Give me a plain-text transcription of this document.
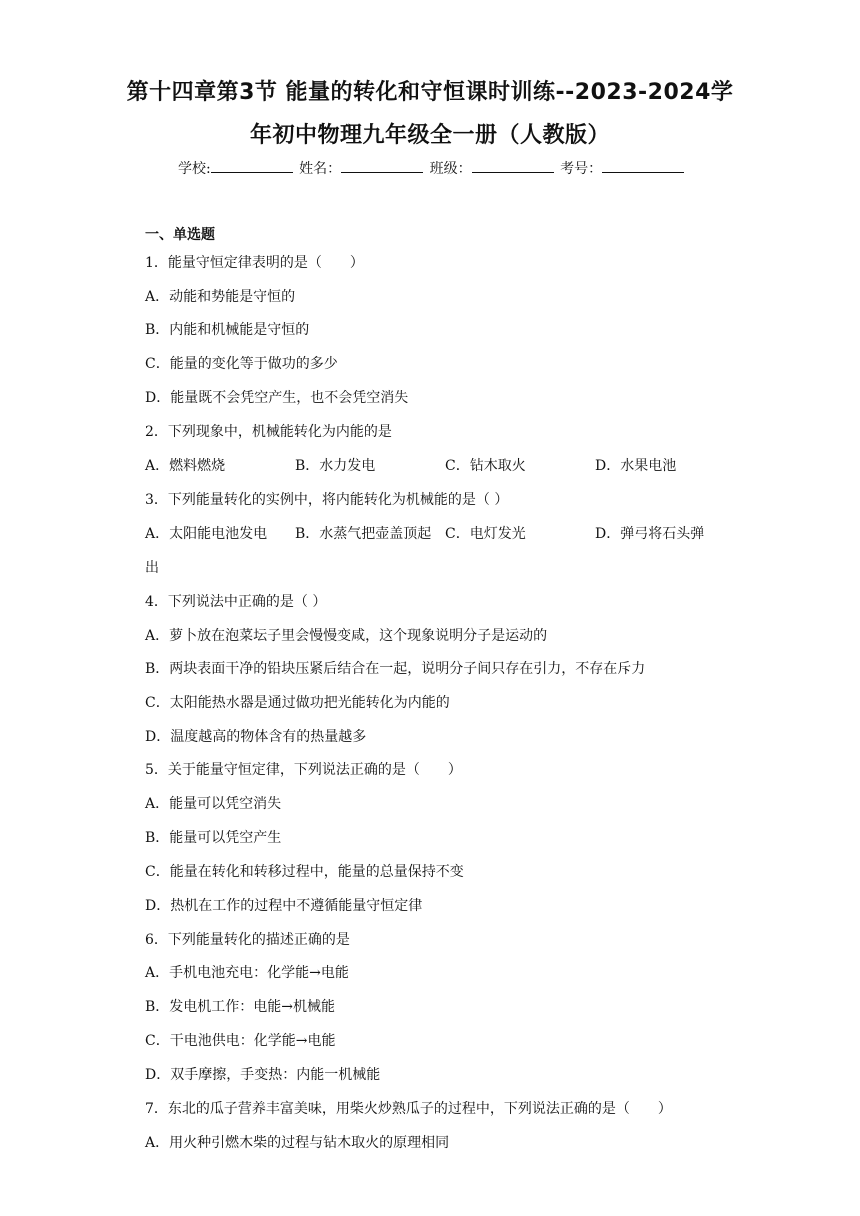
第十四章第3节 能量的转化和守恒课时训练--2023-2024学
年初中物理九年级全一册（人教版）
学校:	姓名：	班级：	考号：
一、单选题
1．能量守恒定律表明的是（　　）
A．动能和势能是守恒的
B．内能和机械能是守恒的
C．能量的变化等于做功的多少
D．能量既不会凭空产生，也不会凭空消失
2．下列现象中，机械能转化为内能的是
A．燃料燃烧	B．水力发电	C．钻木取火	D．水果电池
3．下列能量转化的实例中，将内能转化为机械能的是（ ）
A．太阳能电池发电 B．水蒸气把壶盖顶起 C．电灯发光	D．弹弓将石头弹
出
4．下列说法中正确的是（ ）
A．萝卜放在泡菜坛子里会慢慢变咸，这个现象说明分子是运动的
B．两块表面干净的铅块压紧后结合在一起，说明分子间只存在引力，不存在斥力
C．太阳能热水器是通过做功把光能转化为内能的
D．温度越高的物体含有的热量越多
5．关于能量守恒定律，下列说法正确的是（　　）
A．能量可以凭空消失
B．能量可以凭空产生
C．能量在转化和转移过程中，能量的总量保持不变
D．热机在工作的过程中不遵循能量守恒定律
6．下列能量转化的描述正确的是
A．手机电池充电：化学能→电能
B．发电机工作：电能→机械能
C．干电池供电：化学能→电能
D．双手摩擦，手变热：内能一机械能
7．东北的瓜子营养丰富美味，用柴火炒熟瓜子的过程中，下列说法正确的是（　　）
A．用火种引燃木柴的过程与钻木取火的原理相同
